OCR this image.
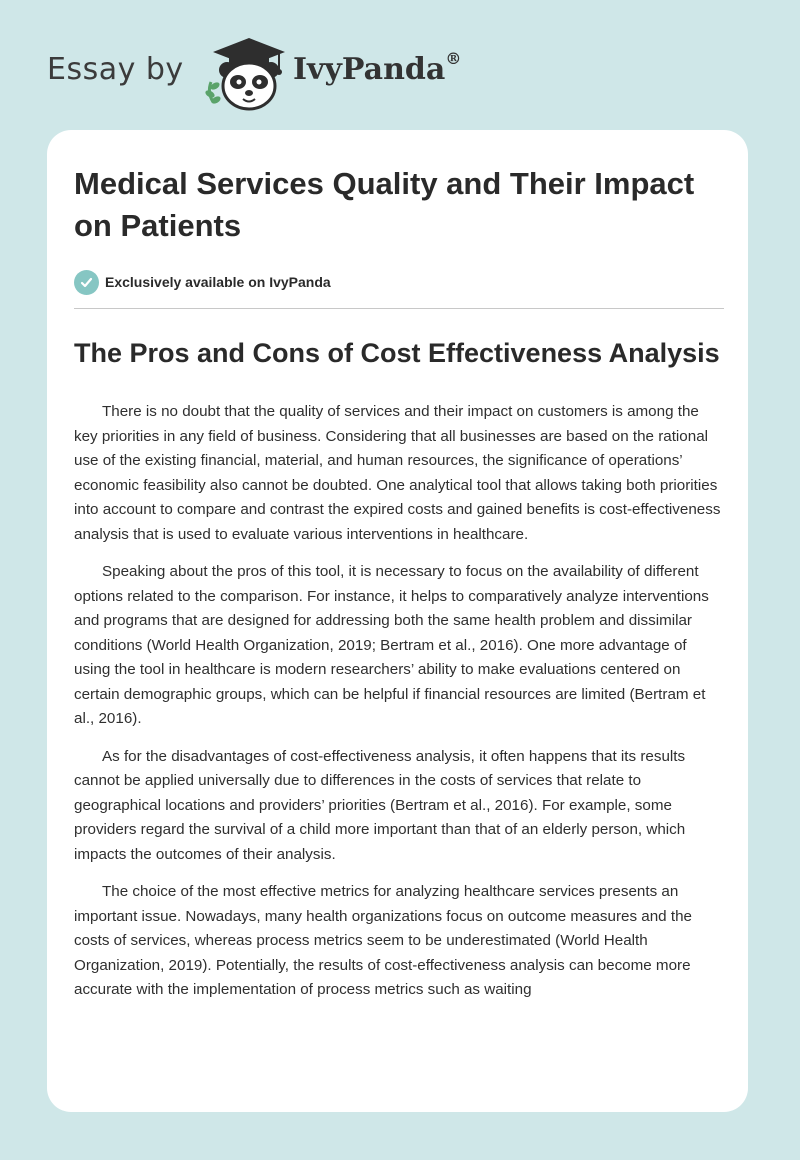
Essay by	IvyPanda®
Medical Services Quality and Their Impact on Patients
Exclusively available on IvyPanda
The Pros and Cons of Cost Effectiveness Analysis

There is no doubt that the quality of services and their impact on customers is among the key priorities in any field of business. Considering that all businesses are based on the rational use of the existing financial, material, and human resources, the significance of operations’ economic feasibility also cannot be doubted. One analytical tool that allows taking both priorities into account to compare and contrast the expired costs and gained benefits is cost-effectiveness analysis that is used to evaluate various interventions in healthcare.

Speaking about the pros of this tool, it is necessary to focus on the availability of different options related to the comparison. For instance, it helps to comparatively analyze interventions and programs that are designed for addressing both the same health problem and dissimilar conditions (World Health Organization, 2019; Bertram et al., 2016). One more advantage of using the tool in healthcare is modern researchers’ ability to make evaluations centered on certain demographic groups, which can be helpful if financial resources are limited (Bertram et al., 2016).

As for the disadvantages of cost-effectiveness analysis, it often happens that its results cannot be applied universally due to differences in the costs of services that relate to geographical locations and providers’ priorities (Bertram et al., 2016). For example, some providers regard the survival of a child more important than that of an elderly person, which impacts the outcomes of their analysis.

The choice of the most effective metrics for analyzing healthcare services presents an important issue. Nowadays, many health organizations focus on outcome measures and the costs of services, whereas process metrics seem to be underestimated (World Health Organization, 2019). Potentially, the results of cost-effectiveness analysis can become more accurate with the implementation of process metrics such as waiting
